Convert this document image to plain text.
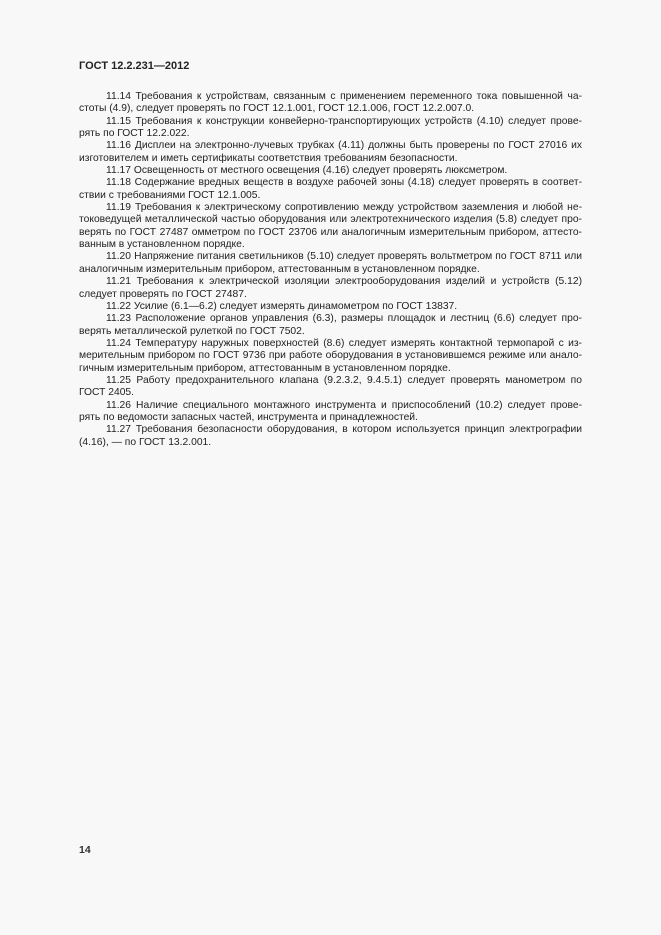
ГОСТ 12.2.231—2012
11.14 Требования к устройствам, связанным с применением переменного тока повышенной ча-
стоты (4.9), следует проверять по ГОСТ 12.1.001, ГОСТ 12.1.006, ГОСТ 12.2.007.0.
11.15 Требования к конструкции конвейерно-транспортирующих устройств (4.10) следует прове-
рять по ГОСТ 12.2.022.
11.16 Дисплеи на электронно-лучевых трубках (4.11) должны быть проверены по ГОСТ 27016 их
изготовителем и иметь сертификаты соответствия требованиям безопасности.
11.17 Освещенность от местного освещения (4.16) следует проверять люксметром.
11.18 Содержание вредных веществ в воздухе рабочей зоны (4.18) следует проверять в соответ-
ствии с требованиями ГОСТ 12.1.005.
11.19 Требования к электрическому сопротивлению между устройством заземления и любой не-
токоведущей металлической частью оборудования или электротехнического изделия (5.8) следует про-
верять по ГОСТ 27487 омметром по ГОСТ 23706 или аналогичным измерительным прибором, аттесто-
ванным в установленном порядке.
11.20 Напряжение питания светильников (5.10) следует проверять вольтметром по ГОСТ 8711 или
аналогичным измерительным прибором, аттестованным в установленном порядке.
11.21 Требования к электрической изоляции электрооборудования изделий и устройств (5.12)
следует проверять по ГОСТ 27487.
11.22 Усилие (6.1—6.2) следует измерять динамометром по ГОСТ 13837.
11.23 Расположение органов управления (6.3), размеры площадок и лестниц (6.6) следует про-
верять металлической рулеткой по ГОСТ 7502.
11.24 Температуру наружных поверхностей (8.6) следует измерять контактной термопарой с из-
мерительным прибором по ГОСТ 9736 при работе оборудования в установившемся режиме или анало-
гичным измерительным прибором, аттестованным в установленном порядке.
11.25 Работу предохранительного клапана (9.2.3.2, 9.4.5.1) следует проверять манометром по
ГОСТ 2405.
11.26 Наличие специального монтажного инструмента и приспособлений (10.2) следует прове-
рять по ведомости запасных частей, инструмента и принадлежностей.
11.27 Требования безопасности оборудования, в котором используется принцип электрографии
(4.16), — по ГОСТ 13.2.001.
14
